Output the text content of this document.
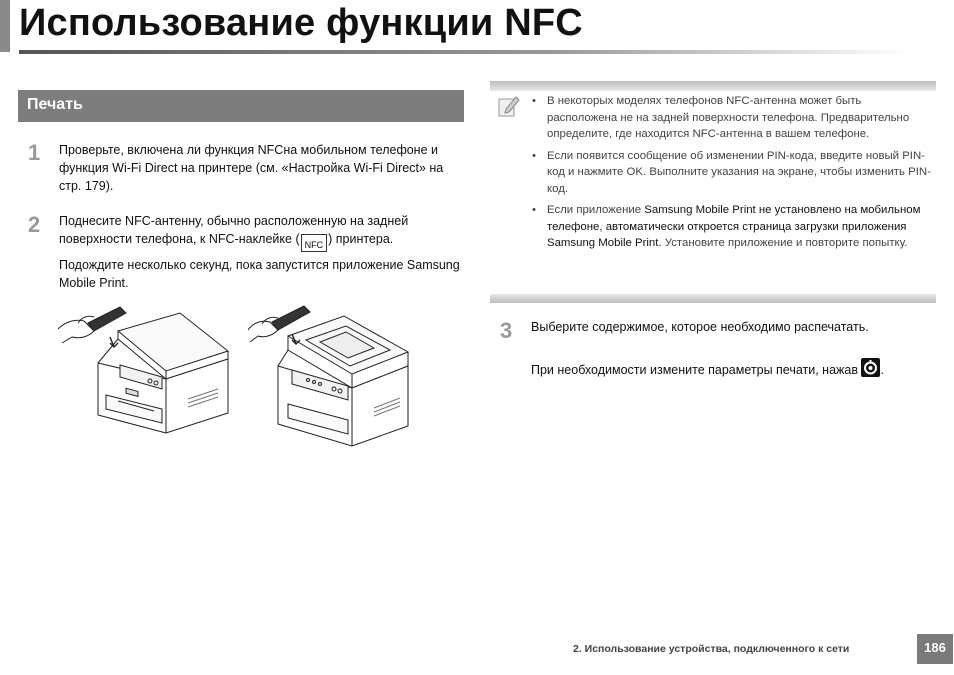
Использование функции NFC
Печать
1 Проверьте, включена ли функция NFCна мобильном телефоне и функция Wi-Fi Direct на принтере (см. «Настройка Wi-Fi Direct» на стр. 179).
2 Поднесите NFC-антенну, обычно расположенную на задней поверхности телефона, к NFC-наклейке ( NFC ) принтера.
Подождите несколько секунд, пока запустится приложение Samsung Mobile Print.
• В некоторых моделях телефонов NFC-антенна может быть расположена не на задней поверхности телефона. Предварительно определите, где находится NFC-антенна в вашем телефоне.
• Если появится сообщение об изменении PIN-кода, введите новый PIN-код и нажмите OK. Выполните указания на экране, чтобы изменить PIN-код.
• Если приложение Samsung Mobile Print не установлено на мобильном телефоне, автоматически откроется страница загрузки приложения Samsung Mobile Print. Установите приложение и повторите попытку.
3 Выберите содержимое, которое необходимо распечатать.
При необходимости измените параметры печати, нажав .
2. Использование устройства, подключенного к сети	186
